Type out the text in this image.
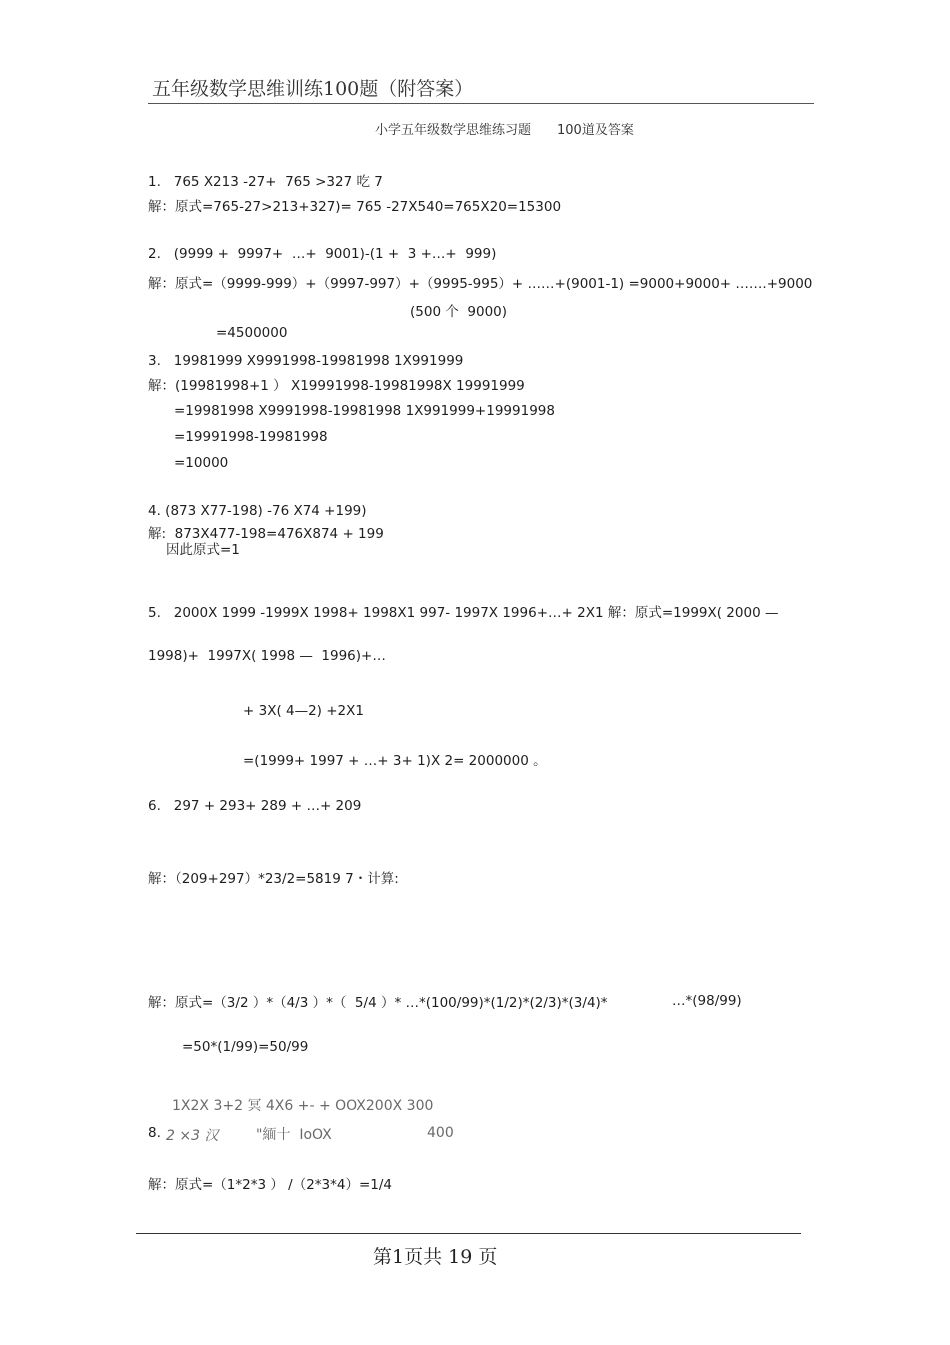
五年级数学思维训练100题（附答案）
小学五年级数学思维练习题　　100道及答案
1.   765 X213 -27+  765 >327 吃 7
解：原式=765-27>213+327)= 765 -27X540=765X20=15300
2.   (9999 +  9997+  …+  9001)-(1 +  3 +…+  999)
解：原式=（9999-999）+（9997-997）+（9995-995）+ ……+(9001-1) =9000+9000+ …….+9000
(500 个  9000)
=4500000
3.   19981999 X9991998-19981998 1X991999
解：(19981998+1 ） X19991998-19981998X 19991999
=19981998 X9991998-19981998 1X991999+19991998
=19991998-19981998
=10000
4. (873 X77-198) -76 X74 +199)
解:  873X477-198=476X874 + 199
因此原式=1
5.   2000X 1999 -1999X 1998+ 1998X1 997- 1997X 1996+…+ 2X1 解：原式=1999X( 2000 —
1998)+  1997X( 1998 —  1996)+…
+ 3X( 4—2) +2X1
=(1999+ 1997 + …+ 3+ 1)X 2= 2000000 。
6.   297 + 293+ 289 + …+ 209
解：（209+297）*23/2=5819 7・计算:
解：原式=（3/2 ）*（4/3 ）*（  5/4 ）* …*(100/99)*(1/2)*(2/3)*(3/4)*	…*(98/99)
=50*(1/99)=50/99
1X2X 3+2 冥 4X6 +- + OOX200X 300
8. 2 ×3 汉	"緬十  IoOX	400
解：原式=（1*2*3 ） /（2*3*4）=1/4
第1页共 19 页
